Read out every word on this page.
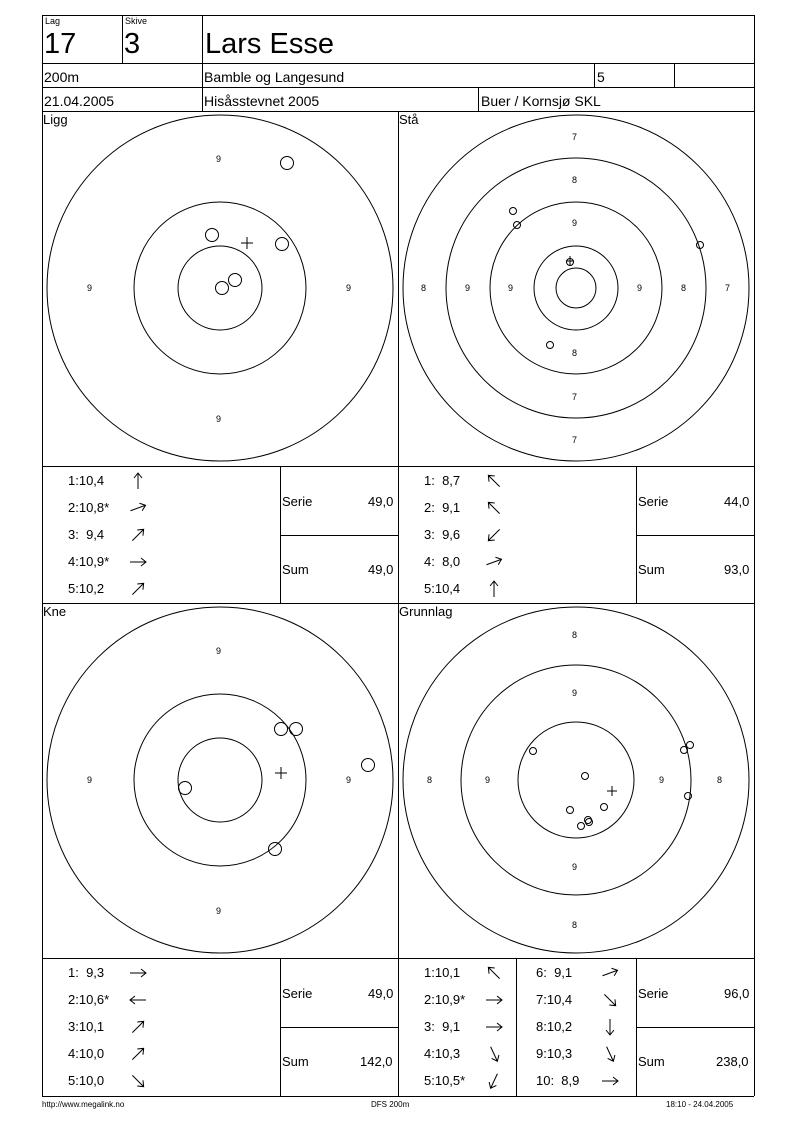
Lag
17
Skive
3 Lars Esse
200m	Bamble og Langesund	5
21.04.2005	Hisåsstevnet 2005	Buer / Kornsjø SKL
Ligg	Stå
Kne	Grunnlag
9
9	9
9
7
8	9	9	9	8	7
9
8
7
7
8
9
9	9
9
8
9
8	9	9	8
9
8
1:10,4
2:10,8*
3:  9,4
4:10,9*
5:10,2
1:  8,7
2:  9,1
3:  9,6
4:  8,0
5:10,4
1:  9,3
2:10,6*
3:10,1
4:10,0
5:10,0
1:10,1
2:10,9*
3:  9,1
4:10,3
5:10,5*
6:  9,1
7:10,4
8:10,2
9:10,3
10:  8,9
Serie	49,0
Sum	49,0
Serie	44,0
Sum	93,0
Serie	49,0
Sum	142,0
Serie	96,0
Sum	238,0
http://www.megalink.no	DFS 200m	18:10 - 24.04.2005
